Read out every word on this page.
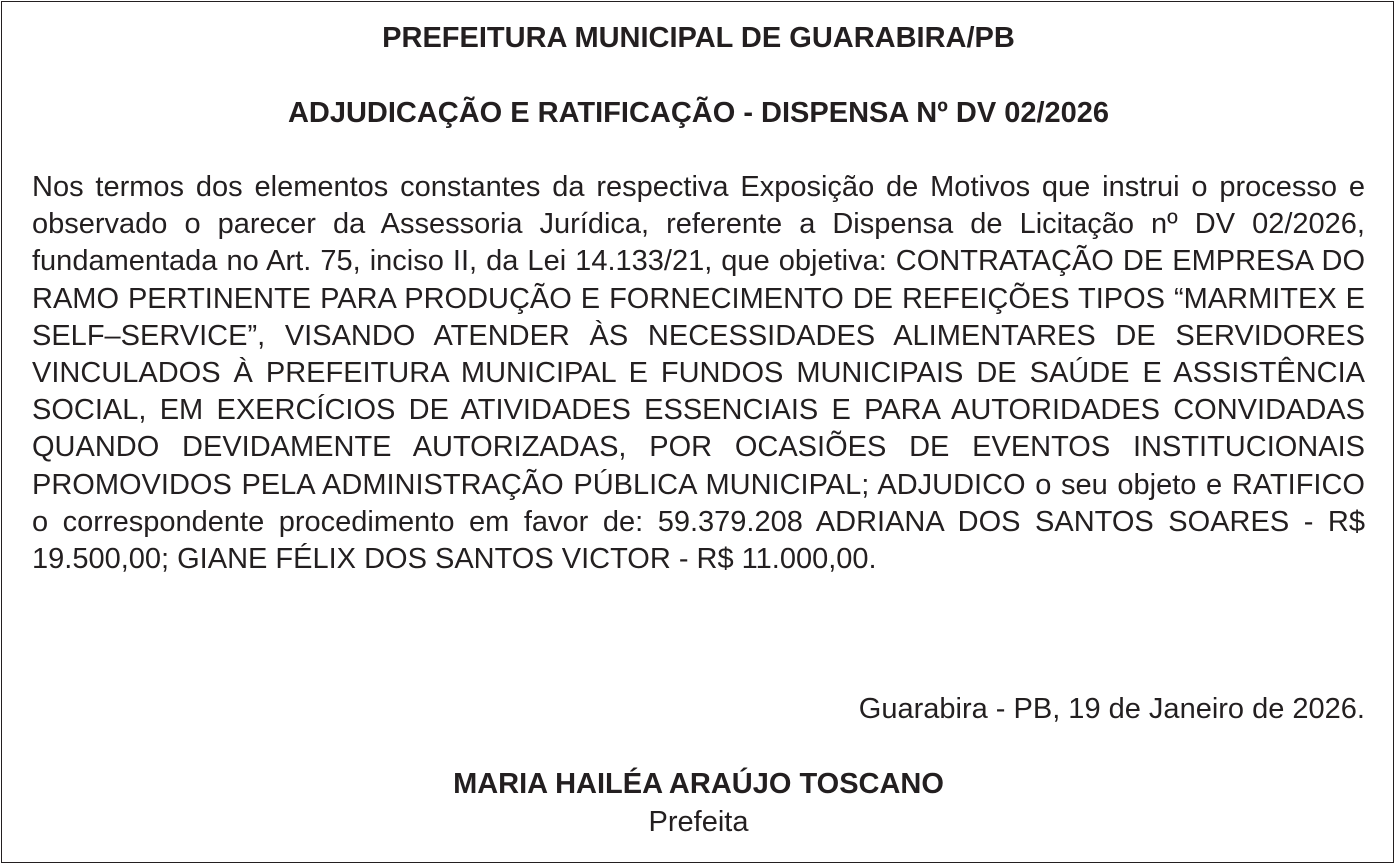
PREFEITURA MUNICIPAL DE GUARABIRA/PB
ADJUDICAÇÃO E RATIFICAÇÃO - DISPENSA Nº DV 02/2026

Nos termos dos elementos constantes da respectiva Exposição de Motivos que instrui o processo e observado o parecer da Assessoria Jurídica, referente a Dispensa de Licitação nº DV 02/2026, fundamentada no Art. 75, inciso II, da Lei 14.133/21, que objetiva: CONTRATAÇÃO DE EMPRESA DO RAMO PERTINENTE PARA PRODUÇÃO E FORNECIMENTO DE REFEIÇÕES TIPOS “MARMITEX E SELF–SERVICE”, VISANDO ATENDER ÀS NECESSIDADES ALIMENTARES DE SERVIDORES VINCULADOS À PREFEITURA MUNICIPAL E FUNDOS MUNICIPAIS DE SAÚDE E ASSISTÊNCIA SOCIAL, EM EXERCÍCIOS DE ATIVIDADES ESSENCIAIS E PARA AUTORIDADES CONVIDADAS QUANDO DEVIDAMENTE AUTORIZADAS, POR OCASIÕES DE EVENTOS INSTITUCIONAIS PROMOVIDOS PELA ADMINISTRAÇÃO PÚBLICA MUNICIPAL; ADJUDICO o seu objeto e RATIFICO o correspondente procedimento em favor de: 59.379.208 ADRIANA DOS SANTOS SOARES - R$ 19.500,00; GIANE FÉLIX DOS SANTOS VICTOR - R$ 11.000,00.

Guarabira - PB, 19 de Janeiro de 2026.

MARIA HAILÉA ARAÚJO TOSCANO

Prefeita
